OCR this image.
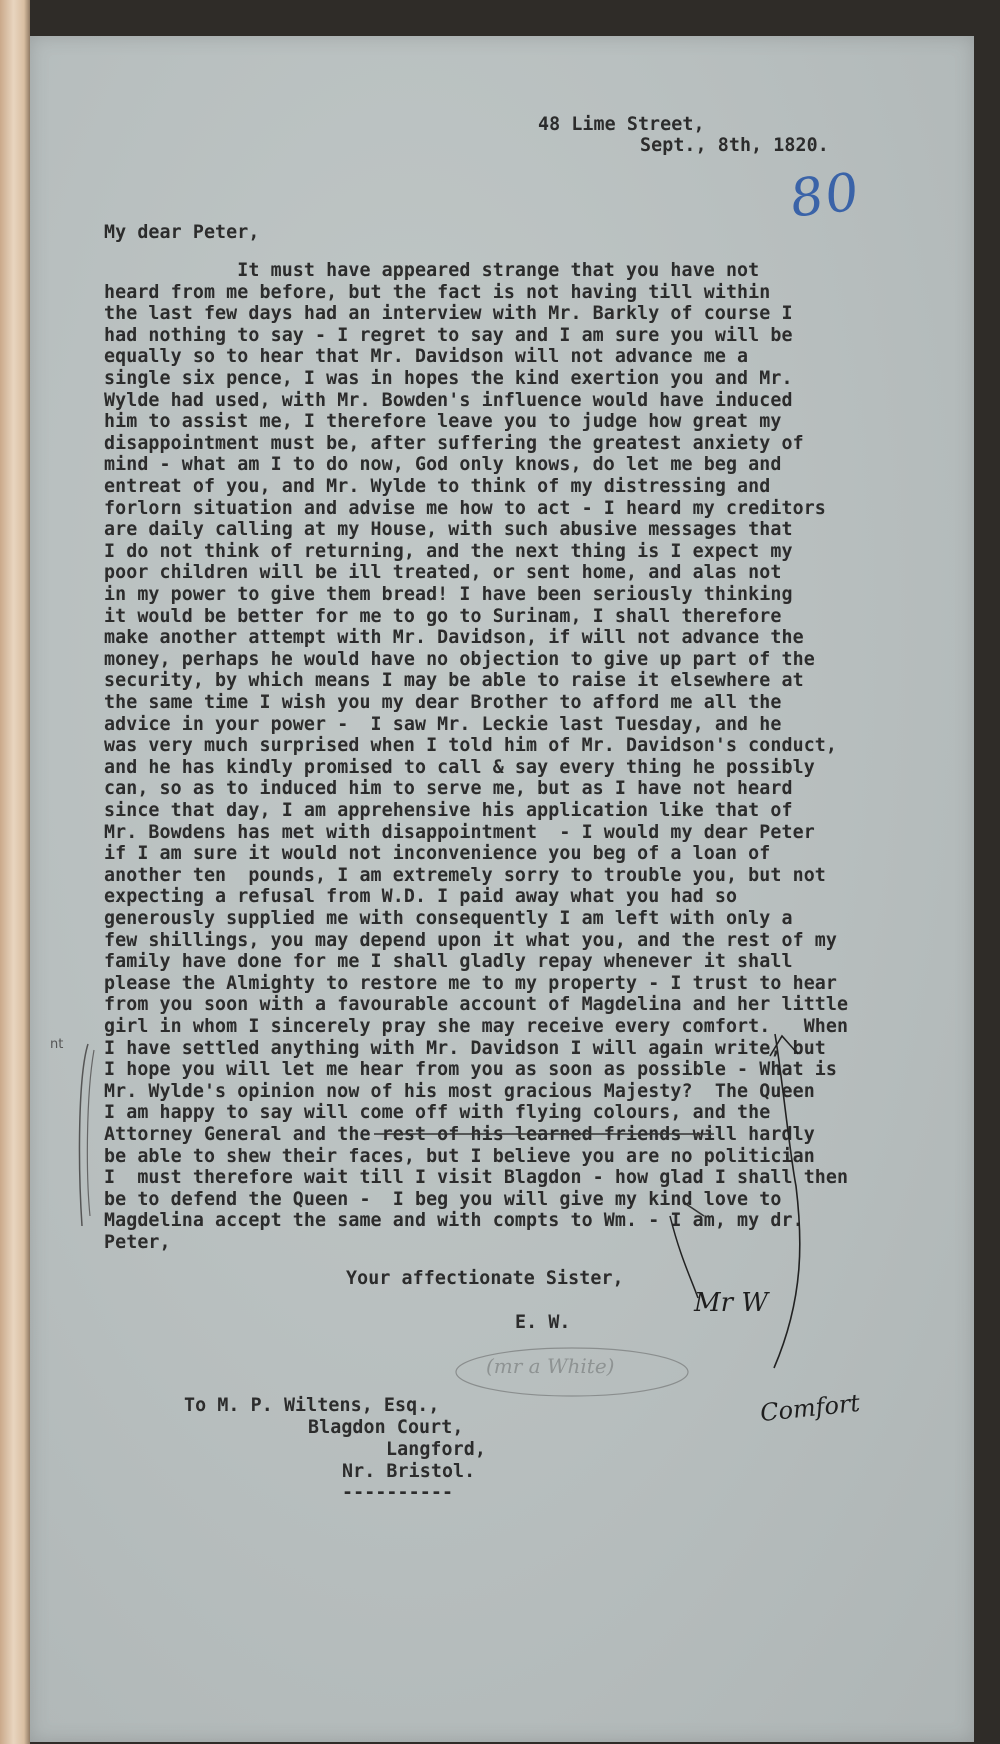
48 Lime Street,
Sept., 8th, 1820.
My dear Peter,
It must have appeared strange that you have not
heard from me before, but the fact is not having till within
the last few days had an interview with Mr. Barkly of course I
had nothing to say - I regret to say and I am sure you will be
equally so to hear that Mr. Davidson will not advance me a
single six pence, I was in hopes the kind exertion you and Mr.
Wylde had used, with Mr. Bowden's influence would have induced
him to assist me, I therefore leave you to judge how great my
disappointment must be, after suffering the greatest anxiety of
mind - what am I to do now, God only knows, do let me beg and
entreat of you, and Mr. Wylde to think of my distressing and
forlorn situation and advise me how to act - I heard my creditors
are daily calling at my House, with such abusive messages that
I do not think of returning, and the next thing is I expect my
poor children will be ill treated, or sent home, and alas not
in my power to give them bread! I have been seriously thinking
it would be better for me to go to Surinam, I shall therefore
make another attempt with Mr. Davidson, if will not advance the
money, perhaps he would have no objection to give up part of the
security, by which means I may be able to raise it elsewhere at
the same time I wish you my dear Brother to afford me all the
advice in your power -  I saw Mr. Leckie last Tuesday, and he
was very much surprised when I told him of Mr. Davidson's conduct,
and he has kindly promised to call & say every thing he possibly
can, so as to induced him to serve me, but as I have not heard
since that day, I am apprehensive his application like that of
Mr. Bowdens has met with disappointment  - I would my dear Peter
if I am sure it would not inconvenience you beg of a loan of
another ten  pounds, I am extremely sorry to trouble you, but not
expecting a refusal from W.D. I paid away what you had so
generously supplied me with consequently I am left with only a
few shillings, you may depend upon it what you, and the rest of my
family have done for me I shall gladly repay whenever it shall
please the Almighty to restore me to my property - I trust to hear
from you soon with a favourable account of Magdelina and her little
girl in whom I sincerely pray she may receive every comfort.   When
I have settled anything with Mr. Davidson I will again write, but
I hope you will let me hear from you as soon as possible - What is
Mr. Wylde's opinion now of his most gracious Majesty?  The Queen
I am happy to say will come off with flying colours, and the
Attorney General and the rest of his learned friends will hardly
be able to shew their faces, but I believe you are no politician
I  must therefore wait till I visit Blagdon - how glad I shall then
be to defend the Queen -  I beg you will give my kind love to
Magdelina accept the same and with compts to Wm. - I am, my dr.
Peter,
Your affectionate Sister,
E. W.
To M. P. Wiltens, Esq.,
Blagdon Court,
Langford,
Nr. Bristol.
----------
80
Mr W
(mr a White)
Comfort
nt
